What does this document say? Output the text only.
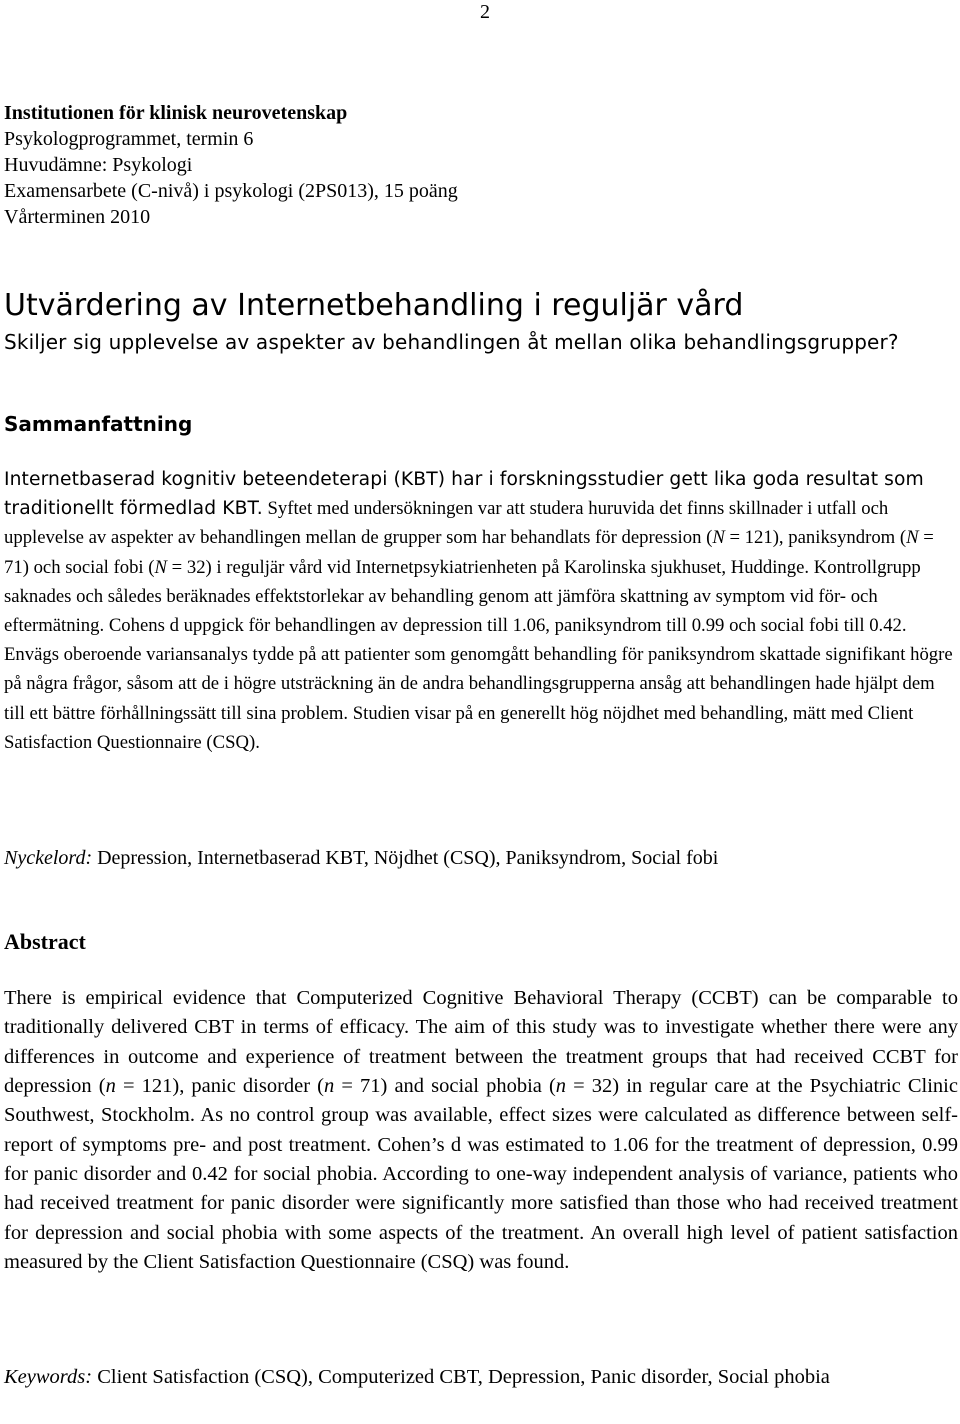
2
Institutionen för klinisk neurovetenskap
Psykologprogrammet, termin 6
Huvudämne: Psykologi
Examensarbete (C-nivå) i psykologi (2PS013), 15 poäng
Vårterminen 2010
Utvärdering av Internetbehandling i reguljär vård
Skiljer sig upplevelse av aspekter av behandlingen åt mellan olika behandlingsgrupper?
Sammanfattning
Internetbaserad kognitiv beteendeterapi (KBT) har i forskningsstudier gett lika goda resultat som traditionellt förmedlad KBT. Syftet med undersökningen var att studera huruvida det finns skillnader i utfall och upplevelse av aspekter av behandlingen mellan de grupper som har behandlats för depression (N = 121), paniksyndrom (N = 71) och social fobi (N = 32) i reguljär vård vid Internetpsykiatrienheten på Karolinska sjukhuset, Huddinge. Kontrollgrupp saknades och således beräknades effektstorlekar av behandling genom att jämföra skattning av symptom vid för- och eftermätning. Cohens d uppgick för behandlingen av depression till 1.06, paniksyndrom till 0.99 och social fobi till 0.42. Envägs oberoende variansanalys tydde på att patienter som genomgått behandling för paniksyndrom skattade signifikant högre på några frågor, såsom att de i högre utsträckning än de andra behandlingsgrupperna ansåg att behandlingen hade hjälpt dem till ett bättre förhållningssätt till sina problem. Studien visar på en generellt hög nöjdhet med behandling, mätt med Client Satisfaction Questionnaire (CSQ).
Nyckelord: Depression, Internetbaserad KBT, Nöjdhet (CSQ), Paniksyndrom, Social fobi
Abstract
There is empirical evidence that Computerized Cognitive Behavioral Therapy (CCBT) can be comparable to traditionally delivered CBT in terms of efficacy. The aim of this study was to investigate whether there were any differences in outcome and experience of treatment between the treatment groups that had received CCBT for depression (n = 121), panic disorder (n = 71) and social phobia (n = 32) in regular care at the Psychiatric Clinic Southwest, Stockholm. As no control group was available, effect sizes were calculated as difference between self-report of symptoms pre- and post treatment. Cohen’s d was estimated to 1.06 for the treatment of depression, 0.99 for panic disorder and 0.42 for social phobia. According to one-way independent analysis of variance, patients who had received treatment for panic disorder were significantly more satisfied than those who had received treatment for depression and social phobia with some aspects of the treatment. An overall high level of patient satisfaction measured by the Client Satisfaction Questionnaire (CSQ) was found.
Keywords: Client Satisfaction (CSQ), Computerized CBT, Depression, Panic disorder, Social phobia
